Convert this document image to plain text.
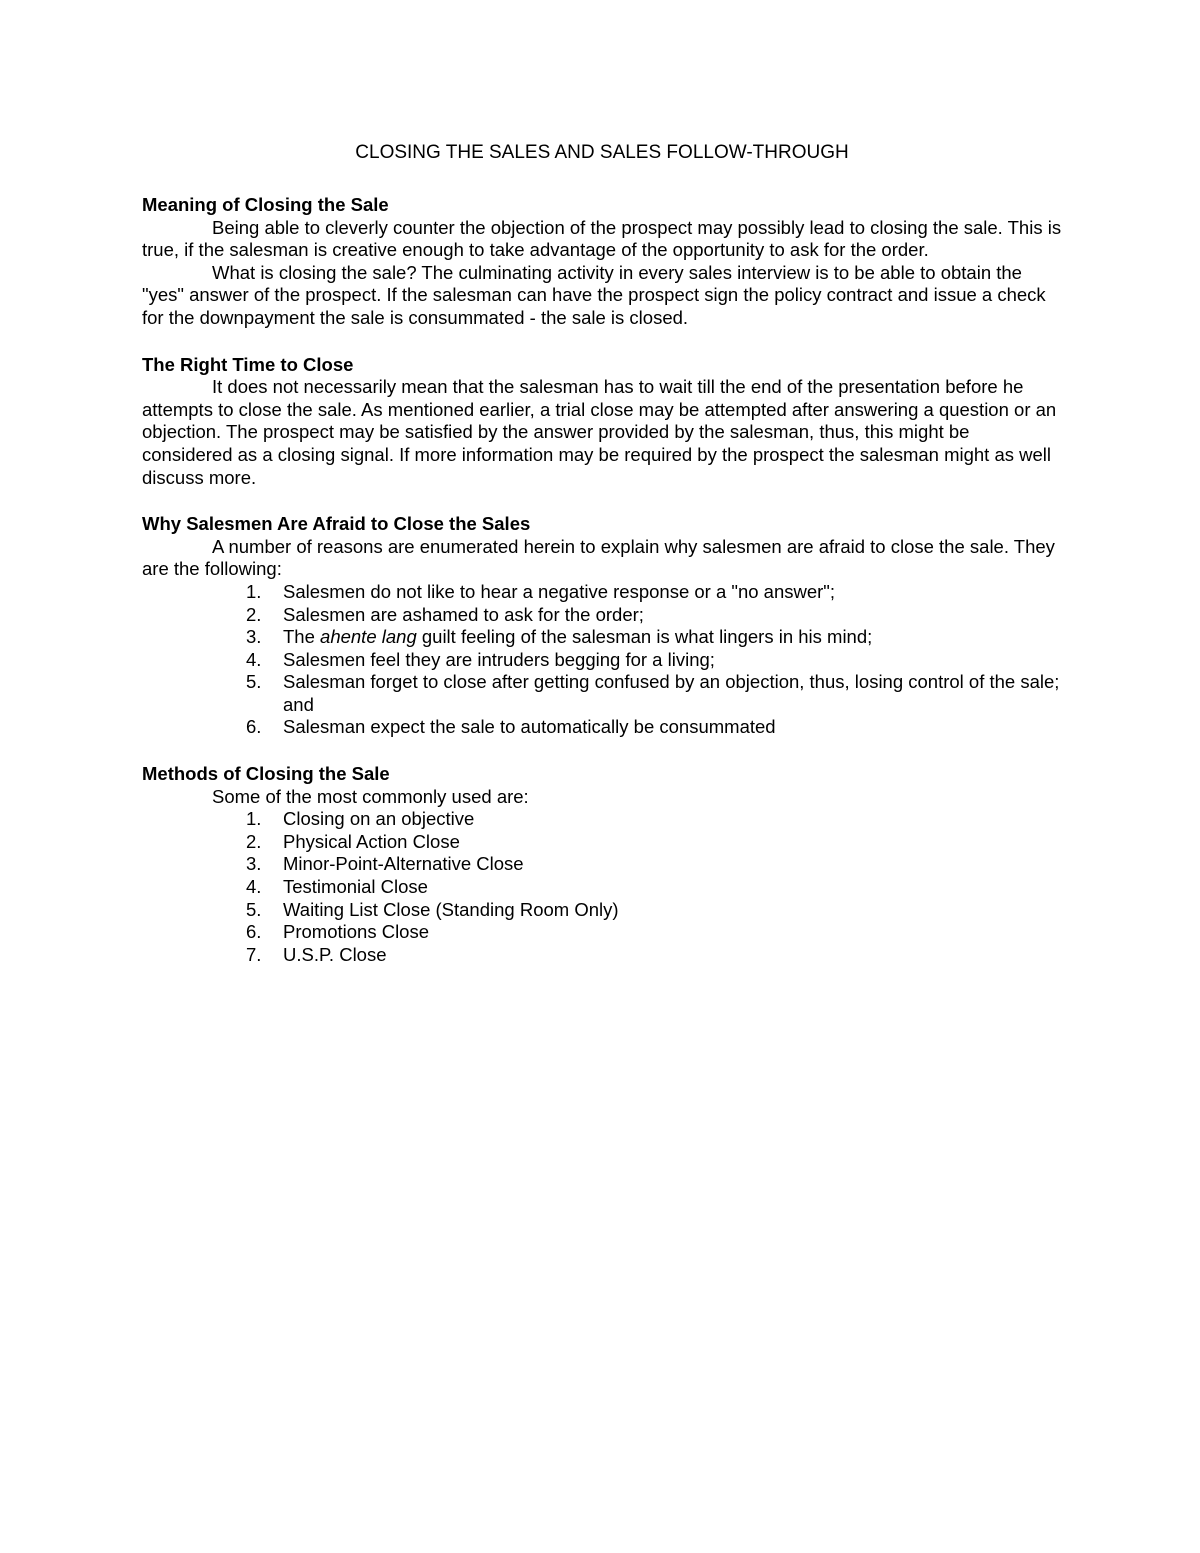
CLOSING THE SALES AND SALES FOLLOW-THROUGH

Meaning of Closing the Sale

Being able to cleverly counter the objection of the prospect may possibly lead to closing the sale. This is true, if the salesman is creative enough to take advantage of the opportunity to ask for the order.

What is closing the sale? The culminating activity in every sales interview is to be able to obtain the "yes" answer of the prospect. If the salesman can have the prospect sign the policy contract and issue a check for the downpayment the sale is consummated - the sale is closed.

The Right Time to Close

It does not necessarily mean that the salesman has to wait till the end of the presentation before he attempts to close the sale. As mentioned earlier, a trial close may be attempted after answering a question or an objection. The prospect may be satisfied by the answer provided by the salesman, thus, this might be considered as a closing signal. If more information may be required by the prospect the salesman might as well discuss more.

Why Salesmen Are Afraid to Close the Sales

A number of reasons are enumerated herein to explain why salesmen are afraid to close the sale. They are the following:

1.	Salesmen do not like to hear a negative response or a "no answer";
2.	Salesmen are ashamed to ask for the order;
3.	The ahente lang guilt feeling of the salesman is what lingers in his mind;
4.	Salesmen feel they are intruders begging for a living;
5.	Salesman forget to close after getting confused by an objection, thus, losing control of the sale; and
6.	Salesman expect the sale to automatically be consummated

Methods of Closing the Sale

Some of the most commonly used are:

1.	Closing on an objective
2.	Physical Action Close
3.	Minor-Point-Alternative Close
4.	Testimonial Close
5.	Waiting List Close (Standing Room Only)
6.	Promotions Close
7.	U.S.P. Close
